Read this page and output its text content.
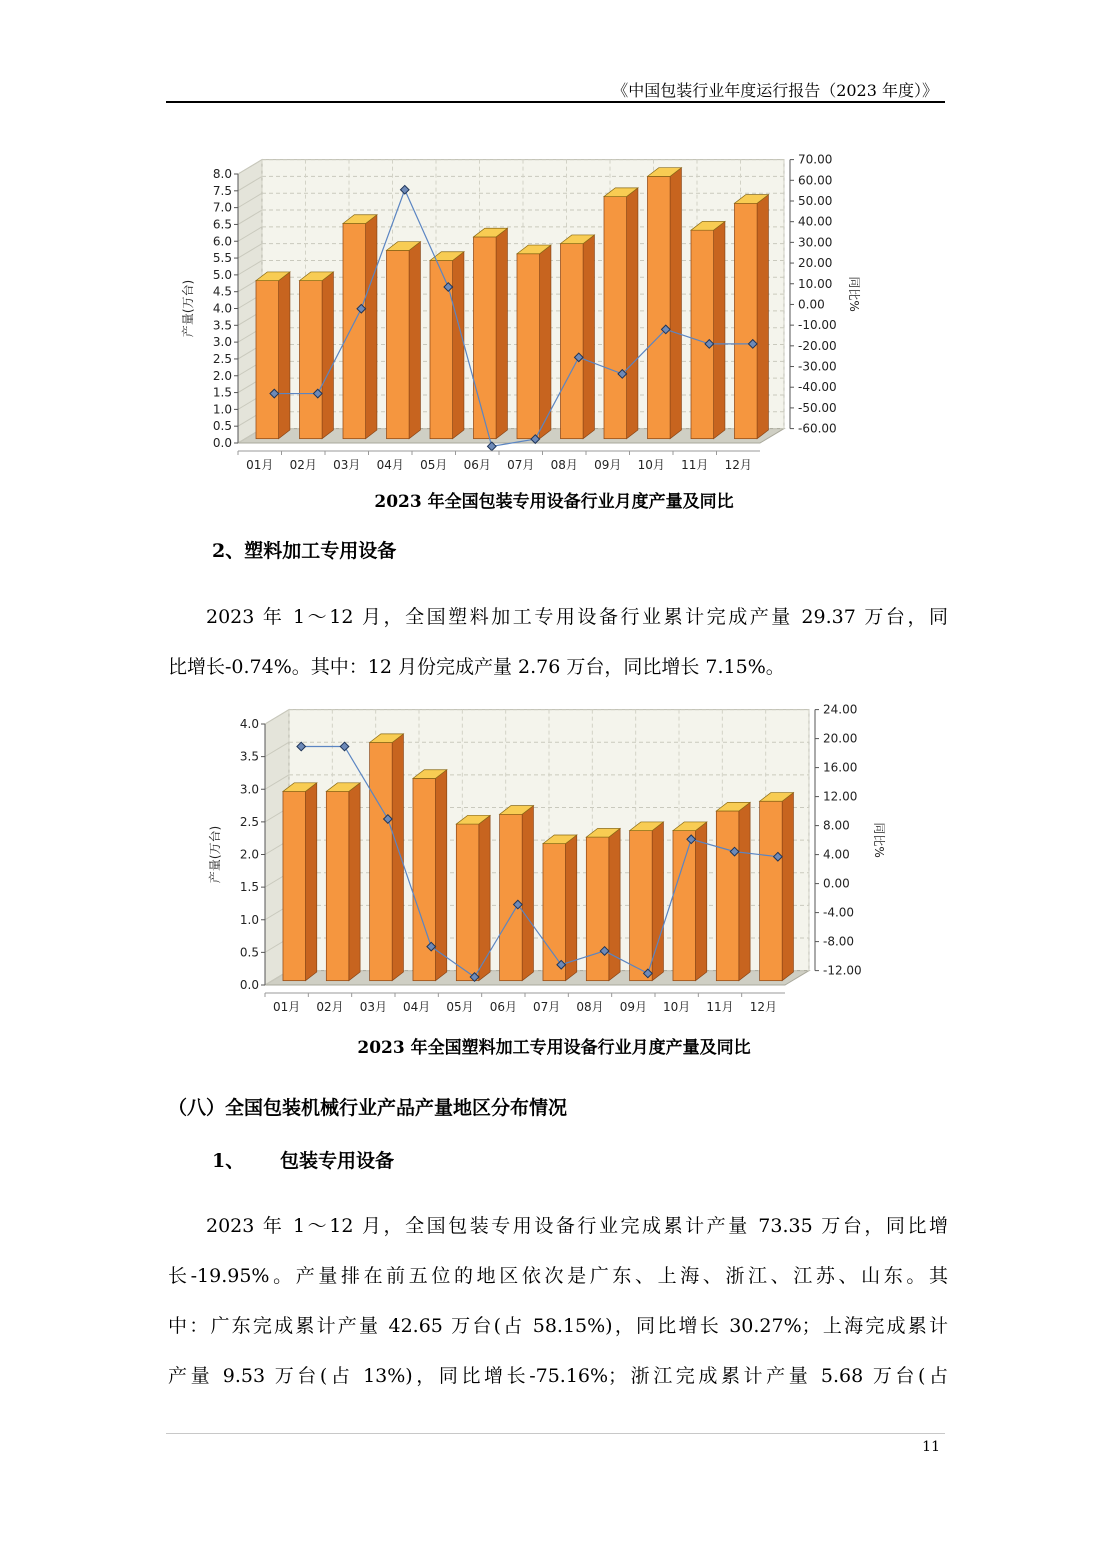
《中国包装行业年度运行报告（2023 年度）》
0.0
0.5
1.0
1.5
2.0
2.5
3.0
3.5
4.0
4.5
5.0
5.5
6.0
6.5
7.0
7.5
8.0
-60.00
-50.00
-40.00
-30.00
-20.00
-10.00
0.00
10.00
20.00
30.00
40.00
50.00
60.00
70.00
01月 02月 03月 04月 05月 06月 07月 08月 09月 10月 11月 12月
产量(万台)	同比%
0.0
0.5
1.0
1.5
2.0
2.5
3.0
3.5
4.0
-12.00
-8.00
-4.00
0.00
4.00
8.00
12.00
16.00
20.00
24.00
01月 02月 03月 04月 05月 06月 07月 08月 09月 10月 11月 12月
产量(万台)	同比%
2023 年全国包装专用设备行业月度产量及同比
2、塑料加工专用设备
2023 年 1～12 月，全国塑料加工专用设备行业累计完成产量 29.37 万台，同
比增长-0.74%。其中：12 月份完成产量 2.76 万台，同比增长 7.15%。
2023 年全国塑料加工专用设备行业月度产量及同比
（八）全国包装机械行业产品产量地区分布情况
1、 包装专用设备
2023 年 1～12 月，全国包装专用设备行业完成累计产量 73.35 万台，同比增
长-19.95%。产量排在前五位的地区依次是广东、上海、浙江、江苏、山东。其
中：广东完成累计产量 42.65 万台(占 58.15%)，同比增长 30.27%；上海完成累计
产量 9.53 万台(占 13%)，同比增长-75.16%；浙江完成累计产量 5.68 万台(占
11
